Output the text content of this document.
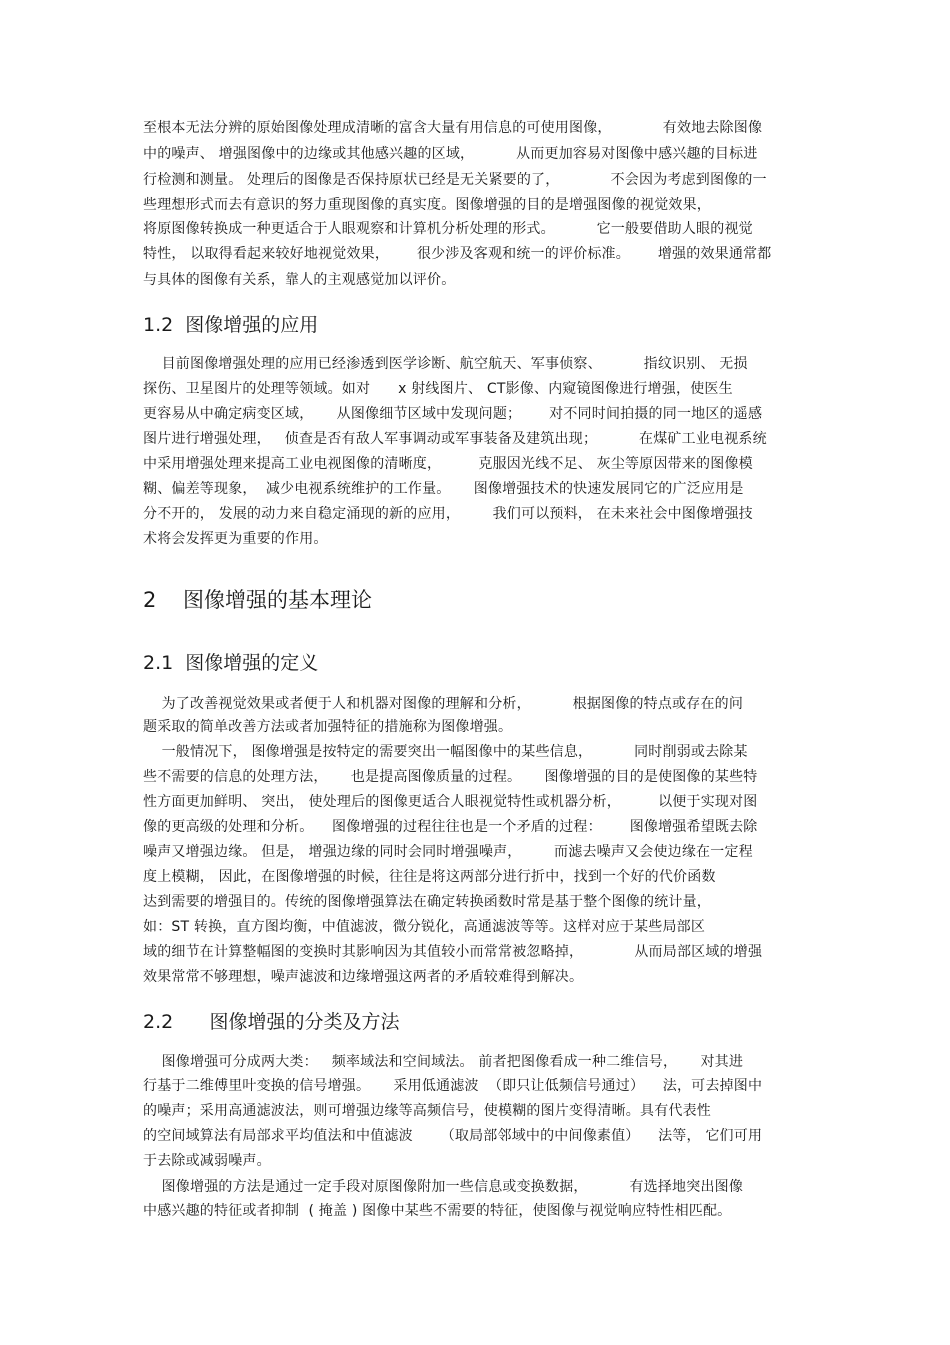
至根本无法分辨的原始图像处理成清晰的富含大量有用信息的可使用图像，           有效地去除图像
中的噪声、 增强图像中的边缘或其他感兴趣的区域，         从而更加容易对图像中感兴趣的目标进
行检测和测量。 处理后的图像是否保持原状已经是无关紧要的了，           不会因为考虑到图像的一
些理想形式而去有意识的努力重现图像的真实度。图像增强的目的是增强图像的视觉效果，
将原图像转换成一种更适合于人眼观察和计算机分析处理的形式。         它一般要借助人眼的视觉
特性， 以取得看起来较好地视觉效果，      很少涉及客观和统一的评价标准。      增强的效果通常都
与具体的图像有关系，靠人的主观感觉加以评价。
1.2  图像增强的应用
目前图像增强处理的应用已经渗透到医学诊断、航空航天、军事侦察、         指纹识别、 无损
探伤、卫星图片的处理等领域。如对      x 射线图片、 CT影像、内窥镜图像进行增强，使医生
更容易从中确定病变区域，     从图像细节区域中发现问题；      对不同时间拍摄的同一地区的遥感
图片进行增强处理，   侦查是否有敌人军事调动或军事装备及建筑出现；         在煤矿工业电视系统
中采用增强处理来提高工业电视图像的清晰度，        克服因光线不足、 灰尘等原因带来的图像模
糊、偏差等现象，  减少电视系统维护的工作量。     图像增强技术的快速发展同它的广泛应用是
分不开的， 发展的动力来自稳定涌现的新的应用，       我们可以预料， 在未来社会中图像增强技
术将会发挥更为重要的作用。
2    图像增强的基本理论
2.1  图像增强的定义
为了改善视觉效果或者便于人和机器对图像的理解和分析，         根据图像的特点或存在的问
题采取的简单改善方法或者加强特征的措施称为图像增强。
一般情况下， 图像增强是按特定的需要突出一幅图像中的某些信息，         同时削弱或去除某
些不需要的信息的处理方法，     也是提高图像质量的过程。     图像增强的目的是使图像的某些特
性方面更加鲜明、 突出， 使处理后的图像更适合人眼视觉特性或机器分析，        以便于实现对图
像的更高级的处理和分析。    图像增强的过程往往也是一个矛盾的过程：      图像增强希望既去除
噪声又增强边缘。 但是， 增强边缘的同时会同时增强噪声，       而滤去噪声又会使边缘在一定程
度上模糊， 因此，在图像增强的时候，往往是将这两部分进行折中，找到一个好的代价函数
达到需要的增强目的。传统的图像增强算法在确定转换函数时常是基于整个图像的统计量，
如：ST 转换，直方图均衡，中值滤波，微分锐化，高通滤波等等。这样对应于某些局部区
域的细节在计算整幅图的变换时其影响因为其值较小而常常被忽略掉，           从而局部区域的增强
效果常常不够理想，噪声滤波和边缘增强这两者的矛盾较难得到解决。
2.2      图像增强的分类及方法
图像增强可分成两大类：   频率域法和空间域法。 前者把图像看成一种二维信号，     对其进
行基于二维傅里叶变换的信号增强。     采用低通滤波  （即只让低频信号通过）    法，可去掉图中
的噪声；采用高通滤波法，则可增强边缘等高频信号，使模糊的图片变得清晰。具有代表性
的空间域算法有局部求平均值法和中值滤波      （取局部邻域中的中间像素值）    法等， 它们可用
于去除或减弱噪声。
图像增强的方法是通过一定手段对原图像附加一些信息或变换数据，         有选择地突出图像
中感兴趣的特征或者抑制  ( 掩盖 ) 图像中某些不需要的特征，使图像与视觉响应特性相匹配。
